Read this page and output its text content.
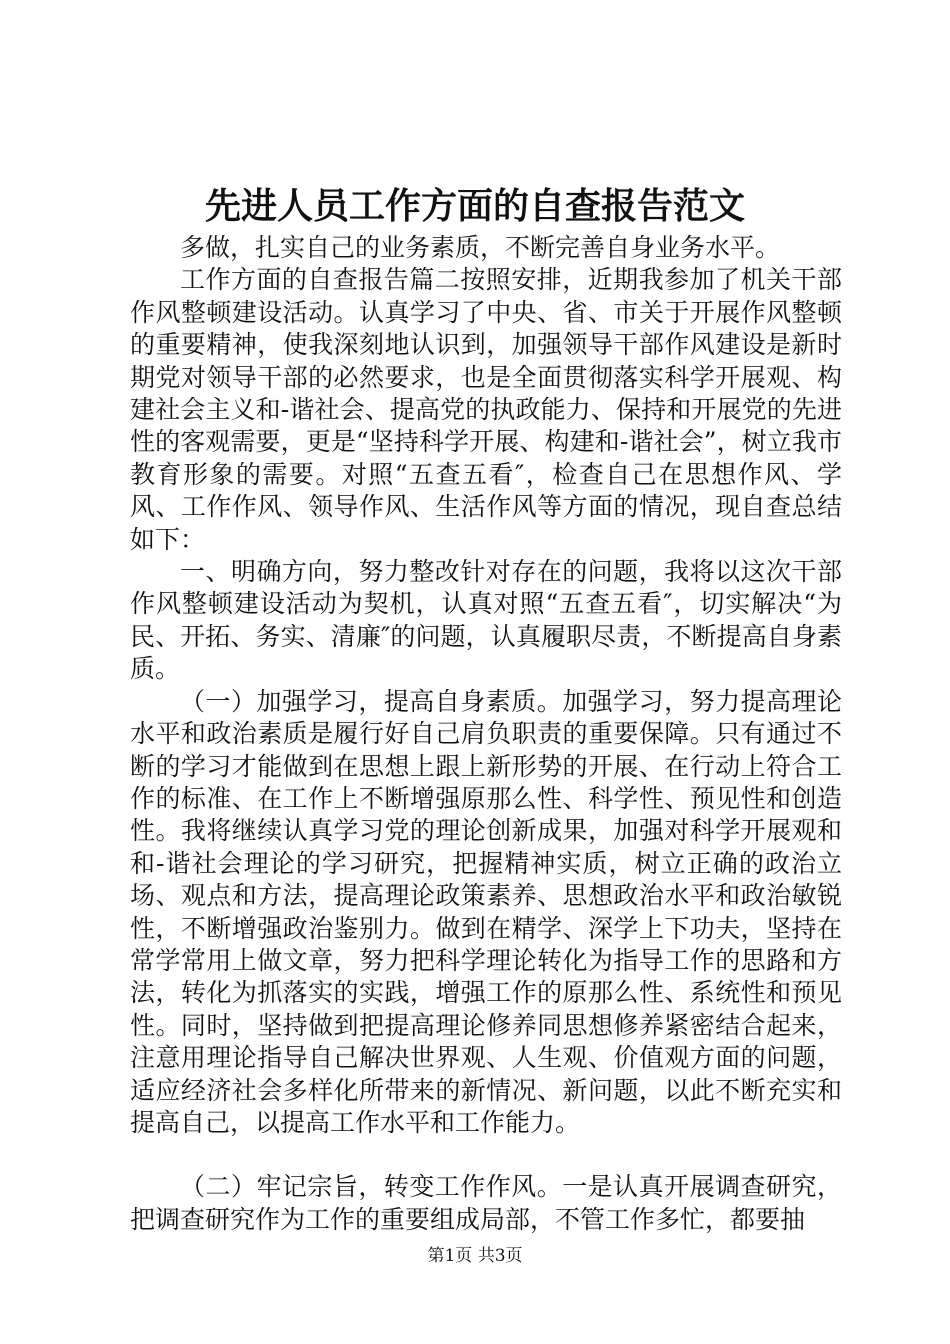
先进人员工作方面的自查报告范文

多做，扎实自己的业务素质，不断完善自身业务水平。

工作方面的自查报告篇二按照安排，近期我参加了机关干部作风整顿建设活动。认真学习了中央、省、市关于开展作风整顿的重要精神，使我深刻地认识到，加强领导干部作风建设是新时期党对领导干部的必然要求，也是全面贯彻落实科学开展观、构建社会主义和-谐社会、提高党的执政能力、保持和开展党的先进性的客观需要，更是“坚持科学开展、构建和-谐社会”，树立我市教育形象的需要。对照“五查五看″，检查自己在思想作风、学风、工作作风、领导作风、生活作风等方面的情况，现自查总结如下：

一、明确方向，努力整改针对存在的问题，我将以这次干部作风整顿建设活动为契机，认真对照“五查五看″，切实解决“为民、开拓、务实、清廉″的问题，认真履职尽责，不断提高自身素质。

（一）加强学习，提高自身素质。加强学习，努力提高理论水平和政治素质是履行好自己肩负职责的重要保障。只有通过不断的学习才能做到在思想上跟上新形势的开展、在行动上符合工作的标准、在工作上不断增强原那么性、科学性、预见性和创造性。我将继续认真学习党的理论创新成果，加强对科学开展观和和-谐社会理论的学习研究，把握精神实质，树立正确的政治立场、观点和方法，提高理论政策素养、思想政治水平和政治敏锐性，不断增强政治鉴别力。做到在精学、深学上下功夫，坚持在常学常用上做文章，努力把科学理论转化为指导工作的思路和方法，转化为抓落实的实践，增强工作的原那么性、系统性和预见性。同时，坚持做到把提高理论修养同思想修养紧密结合起来，注意用理论指导自己解决世界观、人生观、价值观方面的问题，适应经济社会多样化所带来的新情况、新问题，以此不断充实和提高自己，以提高工作水平和工作能力。

（二）牢记宗旨，转变工作作风。一是认真开展调查研究，把调查研究作为工作的重要组成局部，不管工作多忙，都要抽

第1页 共3页
